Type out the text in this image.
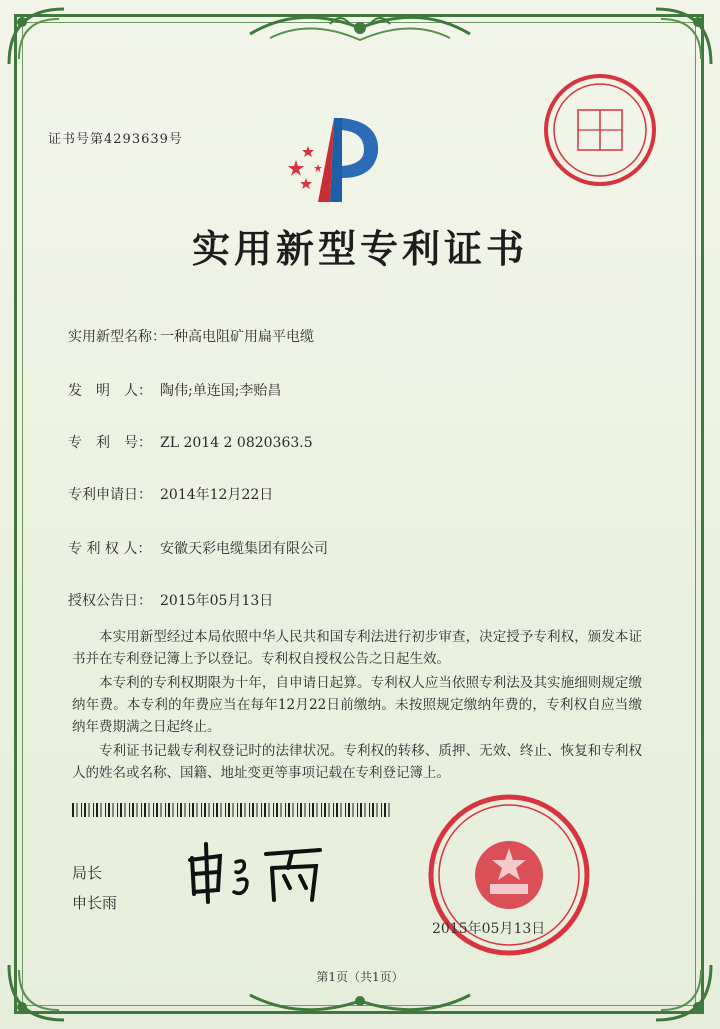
证书号第4293639号
实用新型专利证书
实用新型名称：一种高电阻矿用扁平电缆
发　明　人： 陶伟;单连国;李贻昌
专　利　号： ZL 2014 2 0820363.5
专利申请日： 2014年12月22日
专 利 权 人： 安徽天彩电缆集团有限公司
授权公告日： 2015年05月13日

本实用新型经过本局依照中华人民共和国专利法进行初步审查，决定授予专利权，颁发本证书并在专利登记簿上予以登记。专利权自授权公告之日起生效。

本专利的专利权期限为十年，自申请日起算。专利权人应当依照专利法及其实施细则规定缴纳年费。本专利的年费应当在每年12月22日前缴纳。未按照规定缴纳年费的，专利权自应当缴纳年费期满之日起终止。

专利证书记载专利权登记时的法律状况。专利权的转移、质押、无效、终止、恢复和专利权人的姓名或名称、国籍、地址变更等事项记载在专利登记簿上。

局长
申长雨
2015年05月13日
第1页（共1页）
